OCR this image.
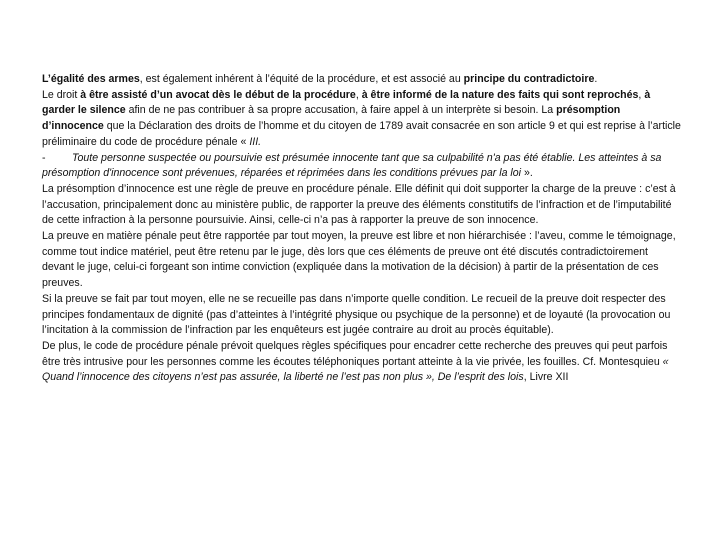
L’égalité des armes, est également inhérent à l’équité de la procédure, et est associé au principe du contradictoire.

Le droit à être assisté d’un avocat dès le début de la procédure, à être informé de la nature des faits qui sont reprochés, à garder le silence afin de ne pas contribuer à sa propre accusation, à faire appel à un interprète si besoin. La présomption d’innocence que la Déclaration des droits de l’homme et du citoyen de 1789 avait consacrée en son article 9 et qui est reprise à l’article préliminaire du code de procédure pénale « III.

- Toute personne suspectée ou poursuivie est présumée innocente tant que sa culpabilité n'a pas été établie. Les atteintes à sa présomption d'innocence sont prévenues, réparées et réprimées dans les conditions prévues par la loi ».

La présomption d’innocence est une règle de preuve en procédure pénale. Elle définit qui doit supporter la charge de la preuve : c’est à l’accusation, principalement donc au ministère public, de rapporter la preuve des éléments constitutifs de l’infraction et de l’imputabilité de cette infraction à la personne poursuivie. Ainsi, celle-ci n’a pas à rapporter la preuve de son innocence.

La preuve en matière pénale peut être rapportée par tout moyen, la preuve est libre et non hiérarchisée : l’aveu, comme le témoignage, comme tout indice matériel, peut être retenu par le juge, dès lors que ces éléments de preuve ont été discutés contradictoirement devant le juge, celui-ci forgeant son intime conviction (expliquée dans la motivation de la décision) à partir de la présentation de ces preuves.

Si la preuve se fait par tout moyen, elle ne se recueille pas dans n’importe quelle condition. Le recueil de la preuve doit respecter des principes fondamentaux de dignité (pas d’atteintes à l’intégrité physique ou psychique de la personne) et de loyauté (la provocation ou l’incitation à la commission de l’infraction par les enquêteurs est jugée contraire au droit au procès équitable).

De plus, le code de procédure pénale prévoit quelques règles spécifiques pour encadrer cette recherche des preuves qui peut parfois être très intrusive pour les personnes comme les écoutes téléphoniques portant atteinte à la vie privée, les fouilles. Cf. Montesquieu « Quand l’innocence des citoyens n’est pas assurée, la liberté ne l’est pas non plus », De l’esprit des lois, Livre XII
